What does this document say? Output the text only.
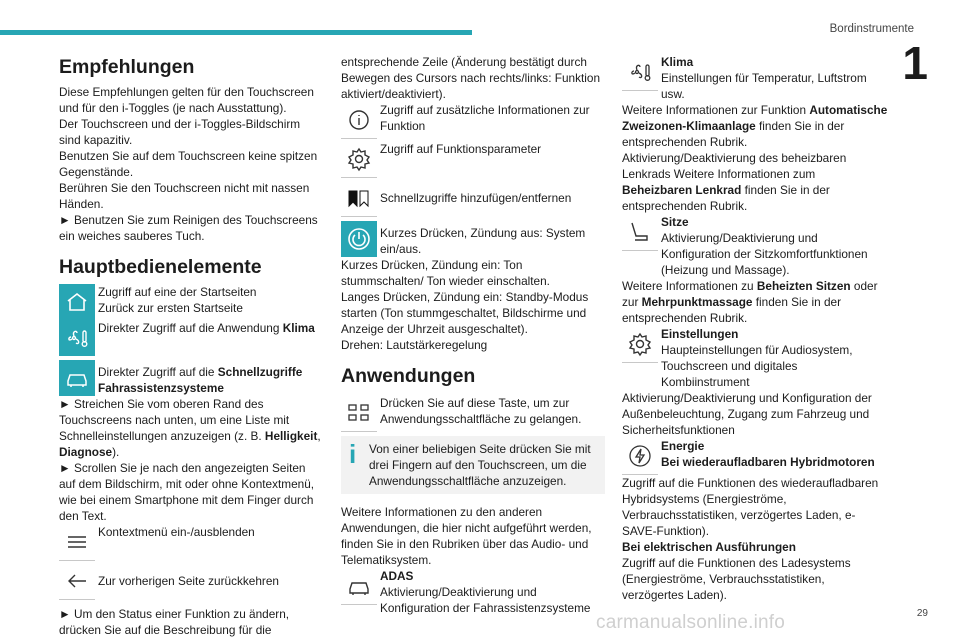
Bordinstrumente
1
Empfehlungen

Diese Empfehlungen gelten für den Touchscreen und für den i-Toggles (je nach Ausstattung).

Der Touchscreen und der i-Toggles-Bildschirm sind kapazitiv.

Benutzen Sie auf dem Touchscreen keine spitzen Gegenstände.

Berühren Sie den Touchscreen nicht mit nassen Händen.

► Benutzen Sie zum Reinigen des Touchscreens ein weiches sauberes Tuch.

Hauptbedienelemente

Zugriff auf eine der Startseiten

Zurück zur ersten Startseite

Direkter Zugriff auf die Anwendung Klima

Direkter Zugriff auf die Schnellzugriffe Fahrassistenzsysteme

► Streichen Sie vom oberen Rand des Touchscreens nach unten, um eine Liste mit Schnelleinstellungen anzuzeigen (z. B. Helligkeit, Diagnose).

► Scrollen Sie je nach den angezeigten Seiten auf dem Bildschirm, mit oder ohne Kontextmenü, wie bei einem Smartphone mit dem Finger durch den Text.

Kontextmenü ein-/ausblenden

Zur vorherigen Seite zurückkehren

► Um den Status einer Funktion zu ändern, drücken Sie auf die Beschreibung für die

entsprechende Zeile (Änderung bestätigt durch Bewegen des Cursors nach rechts/links: Funktion aktiviert/deaktiviert).

Zugriff auf zusätzliche Informationen zur Funktion

Zugriff auf Funktionsparameter

Schnellzugriffe hinzufügen/entfernen

Kurzes Drücken, Zündung aus: System ein/aus.

Kurzes Drücken, Zündung ein: Ton stummschalten/ Ton wieder einschalten.

Langes Drücken, Zündung ein: Standby-Modus starten (Ton stummgeschaltet, Bildschirme und Anzeige der Uhrzeit ausgeschaltet).

Drehen: Lautstärkeregelung

Anwendungen

Drücken Sie auf diese Taste, um zur Anwendungsschaltfläche zu gelangen.

i	Von einer beliebigen Seite drücken Sie mit drei Fingern auf den Touchscreen, um die Anwendungsschaltfläche anzuzeigen.

Weitere Informationen zu den anderen Anwendungen, die hier nicht aufgeführt werden, finden Sie in den Rubriken über das Audio- und Telematiksystem.

ADAS

Aktivierung/Deaktivierung und Konfiguration der Fahrassistenzsysteme

Klima

Einstellungen für Temperatur, Luftstrom usw.

Weitere Informationen zur Funktion Automatische Zweizonen-Klimaanlage finden Sie in der entsprechenden Rubrik.

Aktivierung/Deaktivierung des beheizbaren Lenkrads Weitere Informationen zum Beheizbaren Lenkrad finden Sie in der entsprechenden Rubrik.

Sitze

Aktivierung/Deaktivierung und Konfiguration der Sitzkomfortfunktionen (Heizung und Massage).

Weitere Informationen zu Beheizten Sitzen oder zur Mehrpunktmassage finden Sie in der entsprechenden Rubrik.

Einstellungen

Haupteinstellungen für Audiosystem, Touchscreen und digitales Kombiinstrument

Aktivierung/Deaktivierung und Konfiguration der Außenbeleuchtung, Zugang zum Fahrzeug und Sicherheitsfunktionen

Energie

Bei wiederaufladbaren Hybridmotoren

Zugriff auf die Funktionen des wiederaufladbaren Hybridsystems (Energieströme, Verbrauchsstatistiken, verzögertes Laden, e-SAVE-Funktion).

Bei elektrischen Ausführungen

Zugriff auf die Funktionen des Ladesystems (Energieströme, Verbrauchsstatistiken, verzögertes Laden).

carmanualsonline.info	29
